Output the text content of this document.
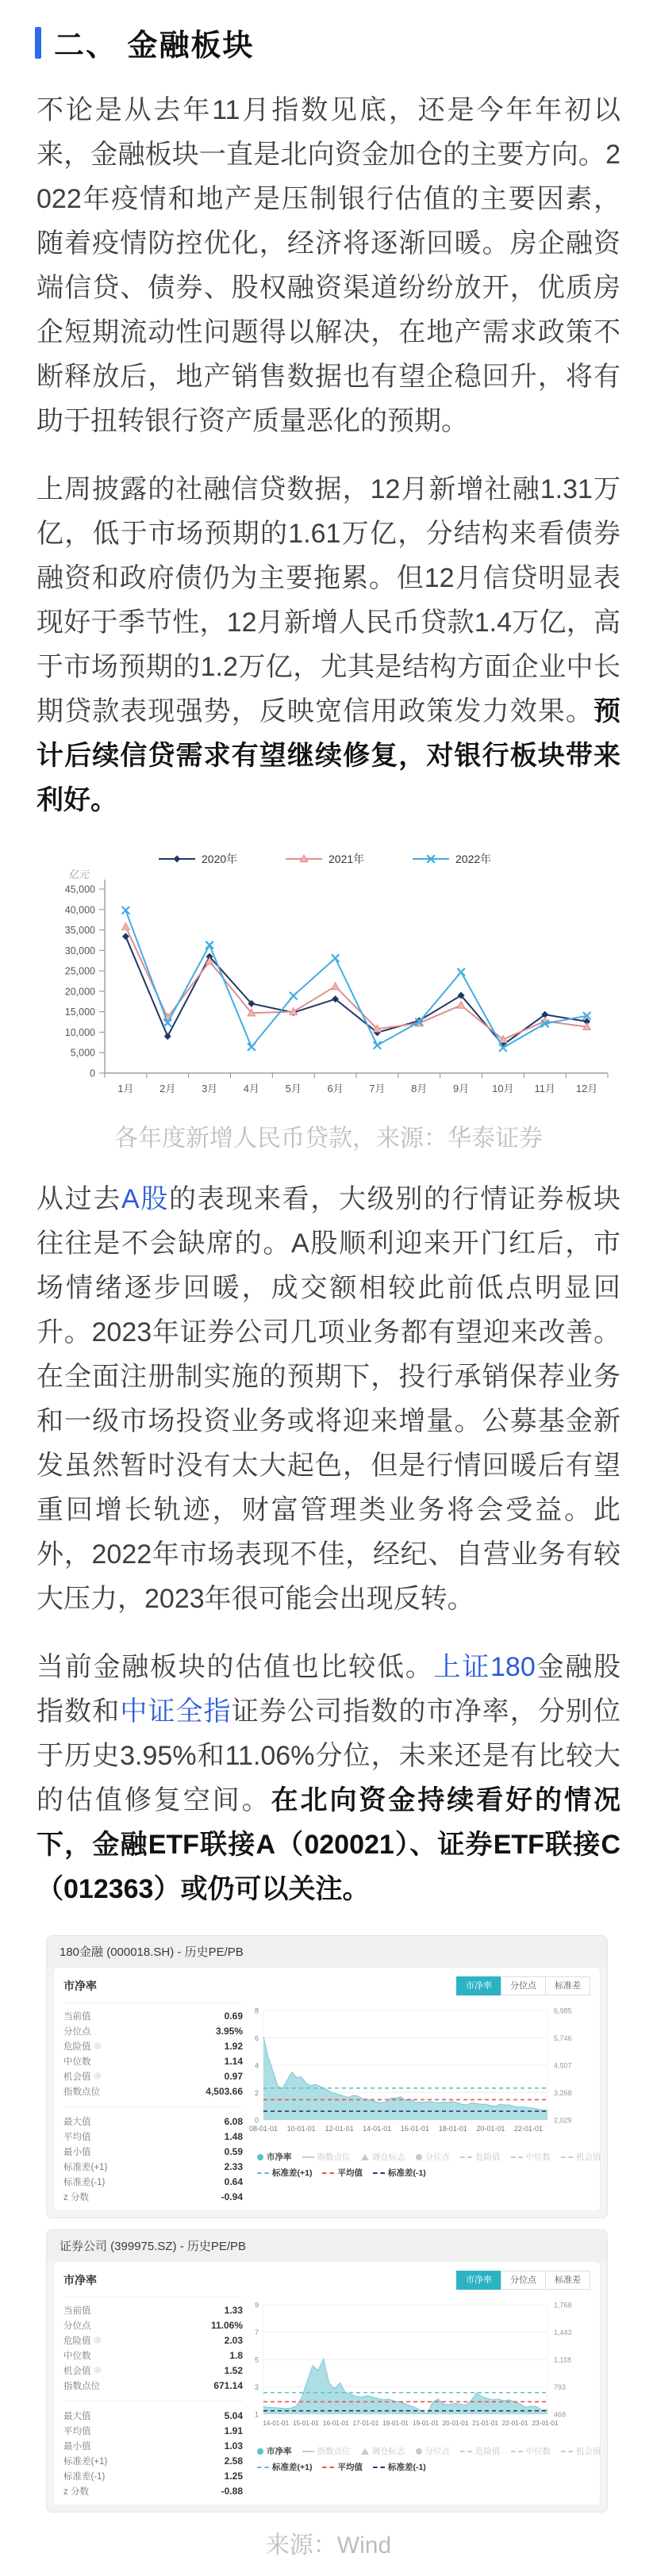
二、 金融板块

不论是从去年11月指数见底，还是今年年初以来，金融板块一直是北向资金加仓的主要方向。2022年疫情和地产是压制银行估值的主要因素，随着疫情防控优化，经济将逐渐回暖。房企融资端信贷、债券、股权融资渠道纷纷放开，优质房企短期流动性问题得以解决，在地产需求政策不断释放后，地产销售数据也有望企稳回升，将有助于扭转银行资产质量恶化的预期。

上周披露的社融信贷数据，12月新增社融1.31万亿，低于市场预期的1.61万亿，分结构来看债券融资和政府债仍为主要拖累。但12月信贷明显表现好于季节性，12月新增人民币贷款1.4万亿，高于市场预期的1.2万亿，尤其是结构方面企业中长期贷款表现强势，反映宽信用政策发力效果。预计后续信贷需求有望继续修复，对银行板块带来利好。

2020年	2021年	2022年
亿元
0
5,000
10,000
15,000
20,000
25,000
30,000
35,000
40,000
45,000
1月	2月	3月	4月	5月	6月	7月	8月	9月 10月 11月 12月
各年度新增人民币贷款，来源：华泰证券

从过去A股的表现来看，大级别的行情证券板块往往是不会缺席的。A股顺利迎来开门红后，市场情绪逐步回暖，成交额相较此前低点明显回升。2023年证券公司几项业务都有望迎来改善。在全面注册制实施的预期下，投行承销保荐业务和一级市场投资业务或将迎来增量。公募基金新发虽然暂时没有太大起色，但是行情回暖后有望重回增长轨迹，财富管理类业务将会受益。此外，2022年市场表现不佳，经纪、自营业务有较大压力，2023年很可能会出现反转。

当前金融板块的估值也比较低。上证180金融股指数和中证全指证券公司指数的市净率，分别位于历史3.95%和11.06%分位，未来还是有比较大的估值修复空间。在北向资金持续看好的情况下，金融ETF联接A（020021）、证券ETF联接C（012363）或仍可以关注。

180金融 (000018.SH) - 历史PE/PB
市净率	市净率	分位点	标准差
当前值	0.69
分位点	3.95%
危险值 ◎	1.92
中位数	1.14
机会值 ◎	0.97
指数点位	4,503.66
最大值	6.08
平均值	1.48
最小值	0.59
标准差(+1)	2.33
标准差(-1)	0.64
z 分数	-0.94
0	2,029
2	3,268
4	4,507
6	5,746
8	6,985
08-01-01 10-01-01 12-01-01 14-01-01 16-01-01 18-01-01 20-01-01 22-01-01
市净率	指数点位	调仓标志 分位点	危险值	中位数	机会值
标准差(+1)	平均值	标准差(-1)
证券公司 (399975.SZ) - 历史PE/PB
市净率	市净率	分位点	标准差
当前值	1.33
分位点	11.06%
危险值 ◎	2.03
中位数	1.8
机会值 ◎	1.52
指数点位	671.14
最大值	5.04
平均值	1.91
最小值	1.03
标准差(+1)	2.58
标准差(-1)	1.25
z 分数	-0.88
1	468
3	793
5	1,118
7	1,443
9	1,768
14-01-01 15-01-01 16-01-01 17-01-01 18-01-01 19-01-01 20-01-01 21-01-01 22-01-01 23-01-01
市净率	指数点位	调仓标志 分位点	危险值	中位数	机会值
标准差(+1)	平均值	标准差(-1)
来源：Wind
